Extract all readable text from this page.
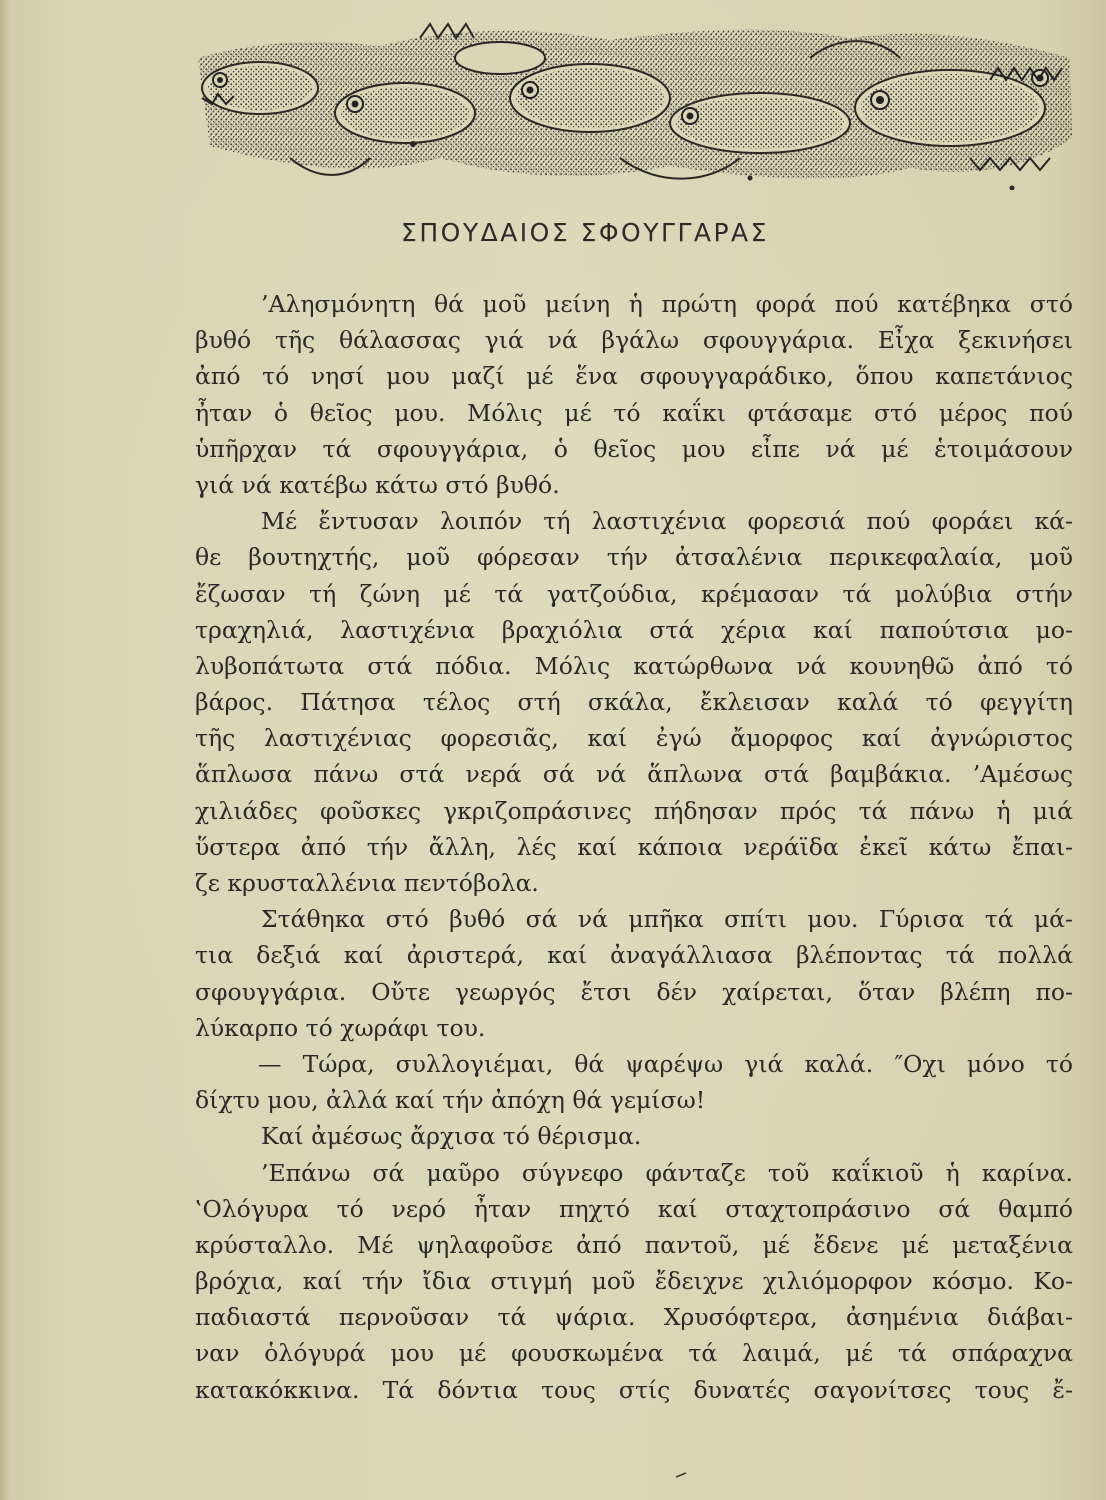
ΣΠΟΥΔΑΙΟΣ ΣΦΟΥΓΓΑΡΑΣ
’Αλησμόνητη θά μοῦ μείνη ἡ πρώτη φορά πού κατέβηκα στό
βυθό τῆς θάλασσας γιά νά βγάλω σφουγγάρια. Εἶχα ξεκινήσει
ἀπό τό νησί μου μαζί μέ ἕνα σφουγγαράδικο, ὅπου καπετάνιος
ἦταν ὁ θεῖος μου. Μόλις μέ τό καΐκι φτάσαμε στό μέρος πού
ὑπῆρχαν τά σφουγγάρια, ὁ θεῖος μου εἶπε νά μέ ἑτοιμάσουν
γιά νά κατέβω κάτω στό βυθό.
Μέ ἔντυσαν λοιπόν τή λαστιχένια φορεσιά πού φοράει κά-
θε βουτηχτής, μοῦ φόρεσαν τήν ἀτσαλένια περικεφαλαία, μοῦ
ἔζωσαν τή ζώνη μέ τά γατζούδια, κρέμασαν τά μολύβια στήν
τραχηλιά, λαστιχένια βραχιόλια στά χέρια καί παπούτσια μο-
λυβοπάτωτα στά πόδια. Μόλις κατώρθωνα νά κουνηθῶ ἀπό τό
βάρος. Πάτησα τέλος στή σκάλα, ἔκλεισαν καλά τό φεγγίτη
τῆς λαστιχένιας φορεσιᾶς, καί ἐγώ ἄμορφος καί ἀγνώριστος
ἅπλωσα πάνω στά νερά σά νά ἅπλωνα στά βαμβάκια. ’Αμέσως
χιλιάδες φοῦσκες γκριζοπράσινες πήδησαν πρός τά πάνω ἡ μιά
ὕστερα ἀπό τήν ἄλλη, λές καί κάποια νεράϊδα ἐκεῖ κάτω ἔπαι-
ζε κρυσταλλένια πεντόβολα.
Στάθηκα στό βυθό σά νά μπῆκα σπίτι μου. Γύρισα τά μά-
τια δεξιά καί ἀριστερά, καί ἀναγάλλιασα βλέποντας τά πολλά
σφουγγάρια. Οὔτε γεωργός ἔτσι δέν χαίρεται, ὅταν βλέπη πο-
λύκαρπο τό χωράφι του.
— Τώρα, συλλογιέμαι, θά ψαρέψω γιά καλά. ″Οχι μόνο τό
δίχτυ μου, ἀλλά καί τήν ἀπόχη θά γεμίσω!
Καί ἀμέσως ἄρχισα τό θέρισμα.
’Επάνω σά μαῦρο σύγνεφο φάνταζε τοῦ καΐκιοῦ ἡ καρίνα.
‛Ολόγυρα τό νερό ἦταν πηχτό καί σταχτοπράσινο σά θαμπό
κρύσταλλο. Μέ ψηλαφοῦσε ἀπό παντοῦ, μέ ἔδενε μέ μεταξένια
βρόχια, καί τήν ἴδια στιγμή μοῦ ἔδειχνε χιλιόμορφον κόσμο. Κο-
παδιαστά περνοῦσαν τά ψάρια. Χρυσόφτερα, ἀσημένια διάβαι-
ναν ὁλόγυρά μου μέ φουσκωμένα τά λαιμά, μέ τά σπάραχνα
κατακόκκινα. Τά δόντια τους στίς δυνατές σαγονίτσες τους ἔ-
